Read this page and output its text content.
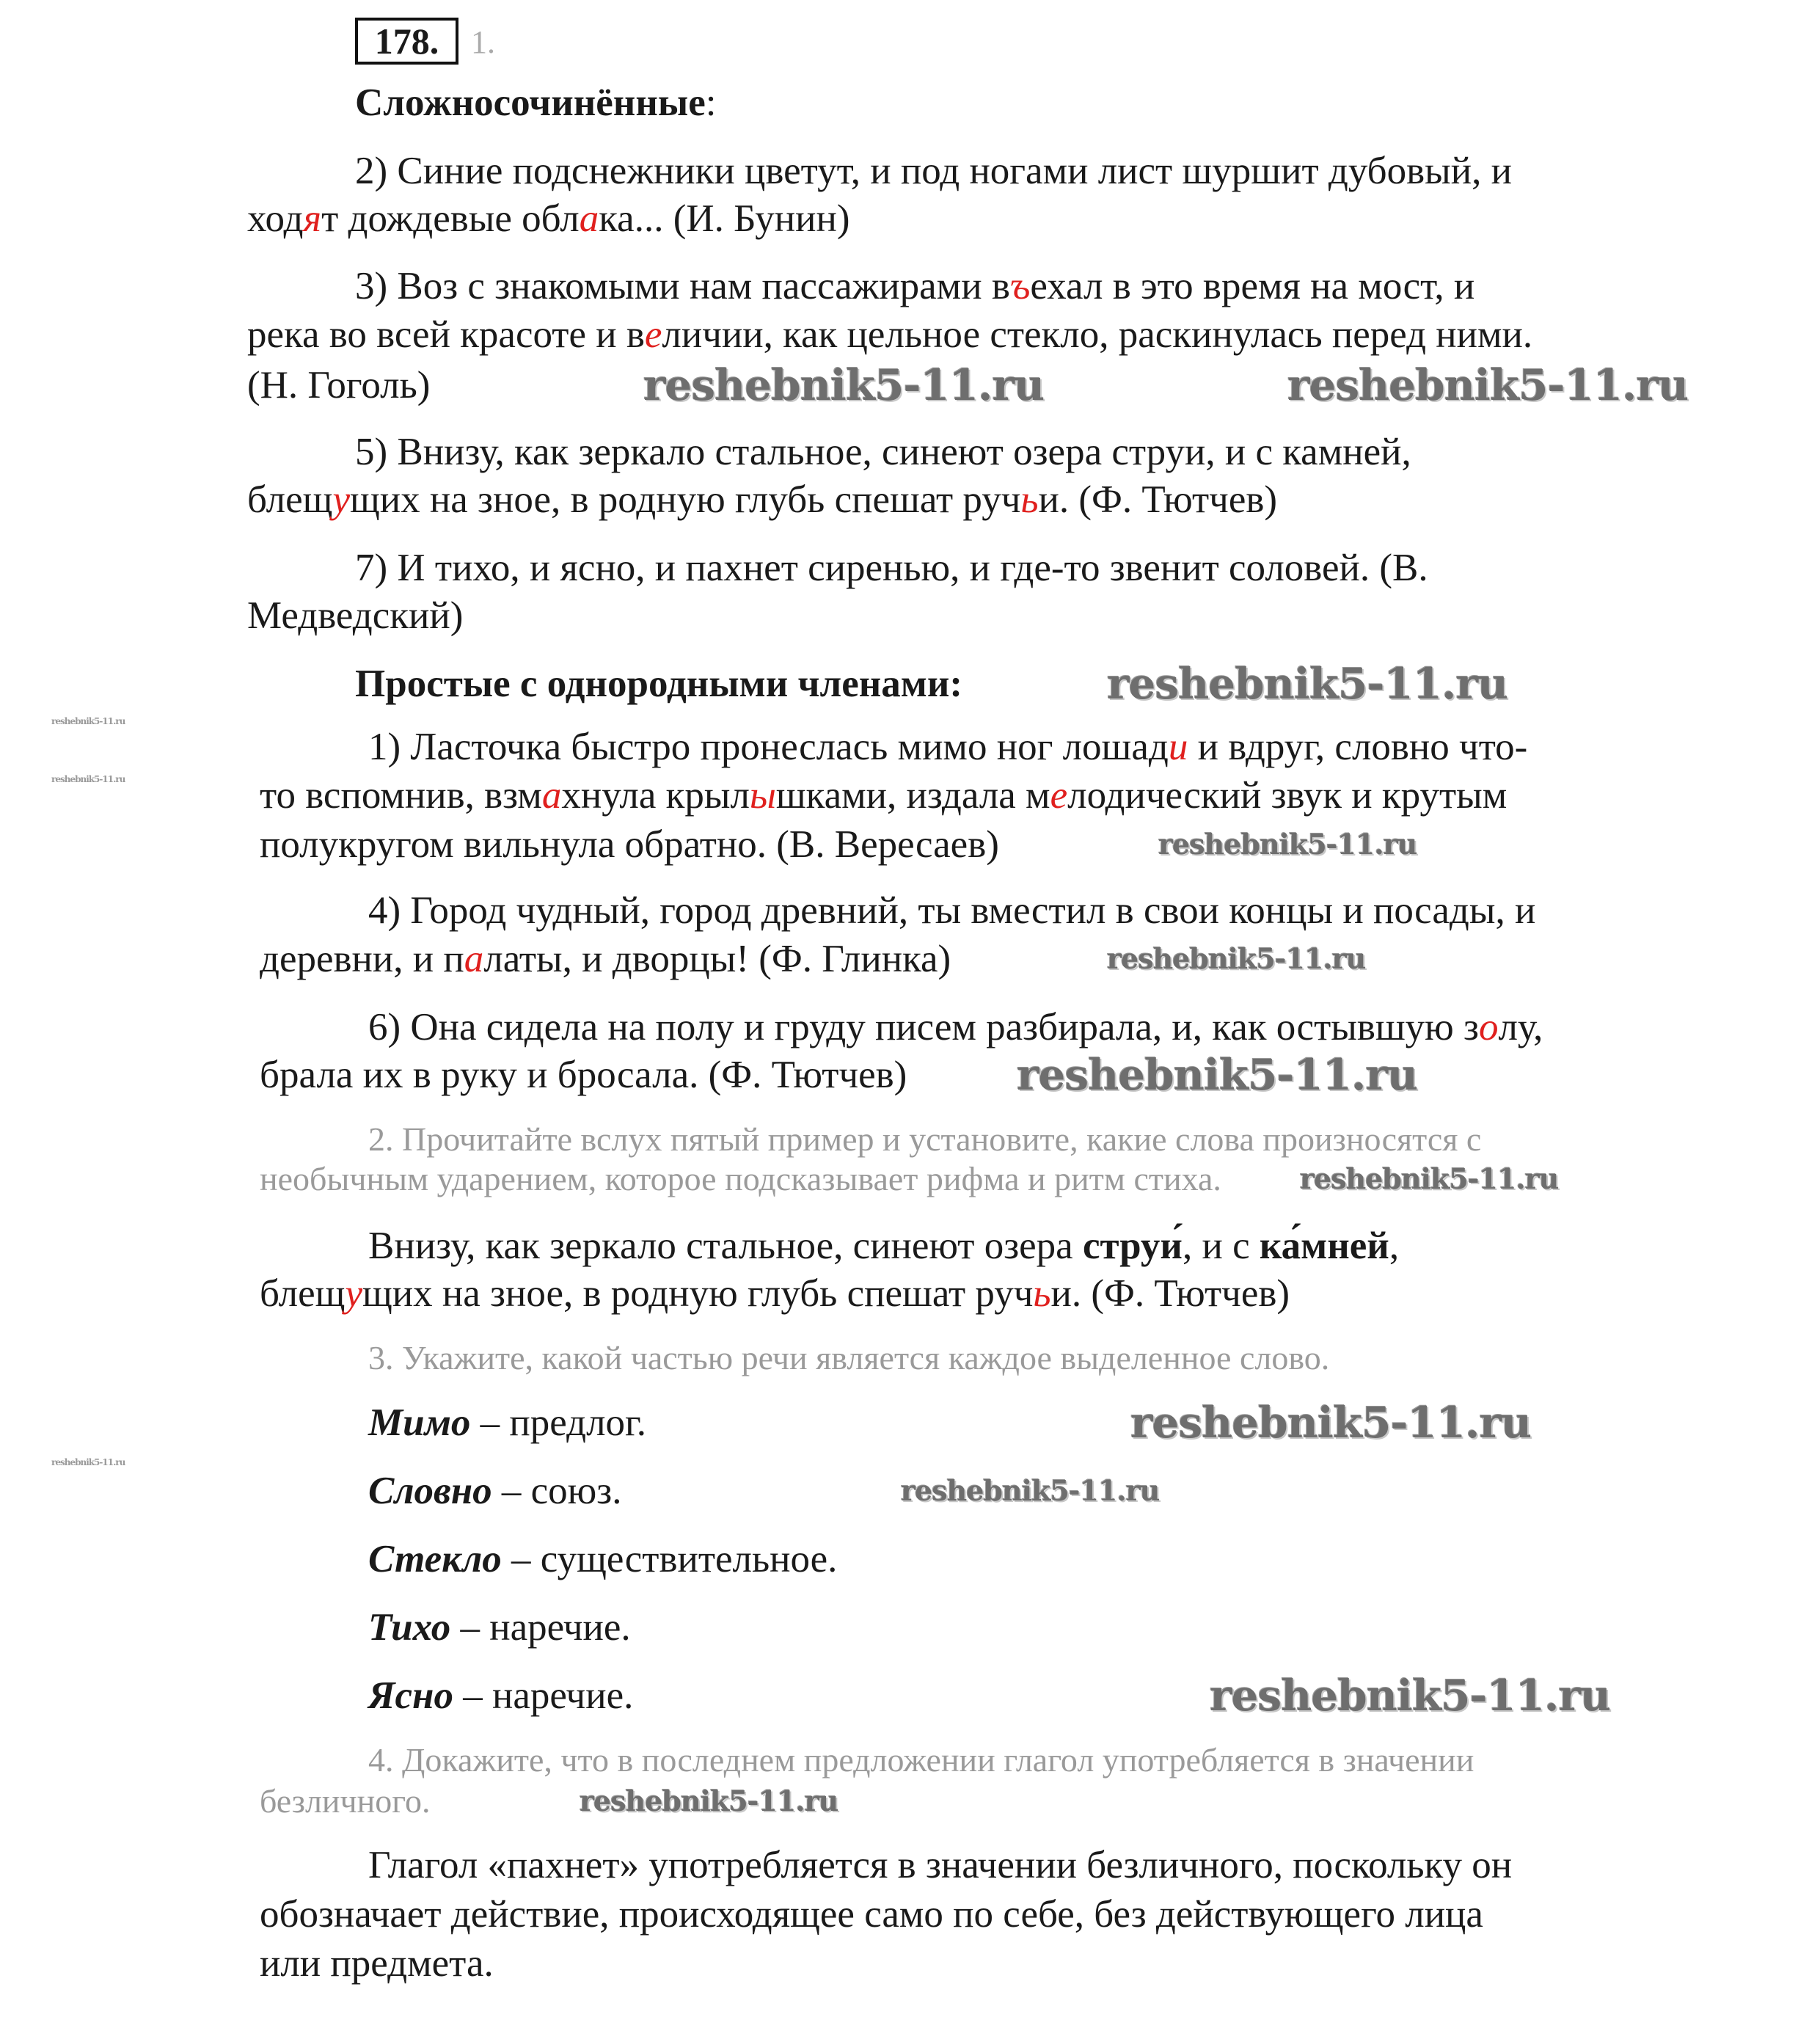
178. 1.
Сложносочинённые:
2) Синие подснежники цветут, и под ногами лист шуршит дубовый, и
ходят дождевые облака... (И. Бунин)
3) Воз с знакомыми нам пассажирами въехал в это время на мост, и
река во всей красоте и величии, как цельное стекло, раскинулась перед ними.
(Н. Гоголь)
5) Внизу, как зеркало стальное, синеют озера струи, и с камней,
блещущих на зное, в родную глубь спешат ручьи. (Ф. Тютчев)
7) И тихо, и ясно, и пахнет сиренью, и где-то звенит соловей. (В.
Медведский)
Простые с однородными членами:
1) Ласточка быстро пронеслась мимо ног лошади и вдруг, словно что-
то вспомнив, взмахнула крылышками, издала мелодический звук и крутым
полукругом вильнула обратно. (В. Вересаев)
4) Город чудный, город древний, ты вместил в свои концы и посады, и
деревни, и палаты, и дворцы! (Ф. Глинка)
6) Она сидела на полу и груду писем разбирала, и, как остывшую золу,
брала их в руку и бросала. (Ф. Тютчев)
2. Прочитайте вслух пятый пример и установите, какие слова произносятся с
необычным ударением, которое подсказывает рифма и ритм стиха.
Внизу, как зеркало стальное, синеют озера струи́, и с ка́мней,
блещущих на зное, в родную глубь спешат ручьи. (Ф. Тютчев)
3. Укажите, какой частью речи является каждое выделенное слово.
Мимо – предлог.
Словно – союз.
Стекло – существительное.
Тихо – наречие.
Ясно – наречие.
4. Докажите, что в последнем предложении глагол употребляется в значении
безличного.
Глагол «пахнет» употребляется в значении безличного, поскольку он
обозначает действие, происходящее само по себе, без действующего лица
или предмета.
reshebnik5-11.ru	reshebnik5-11.ru
reshebnik5-11.ru
reshebnik5-11.ru
reshebnik5-11.ru
reshebnik5-11.ru
reshebnik5-11.ru
reshebnik5-11.ru
reshebnik5-11.ru
reshebnik5-11.ru
reshebnik5-11.ru
reshebnik5-11.ru
reshebnik5-11.ru
reshebnik5-11.ru
